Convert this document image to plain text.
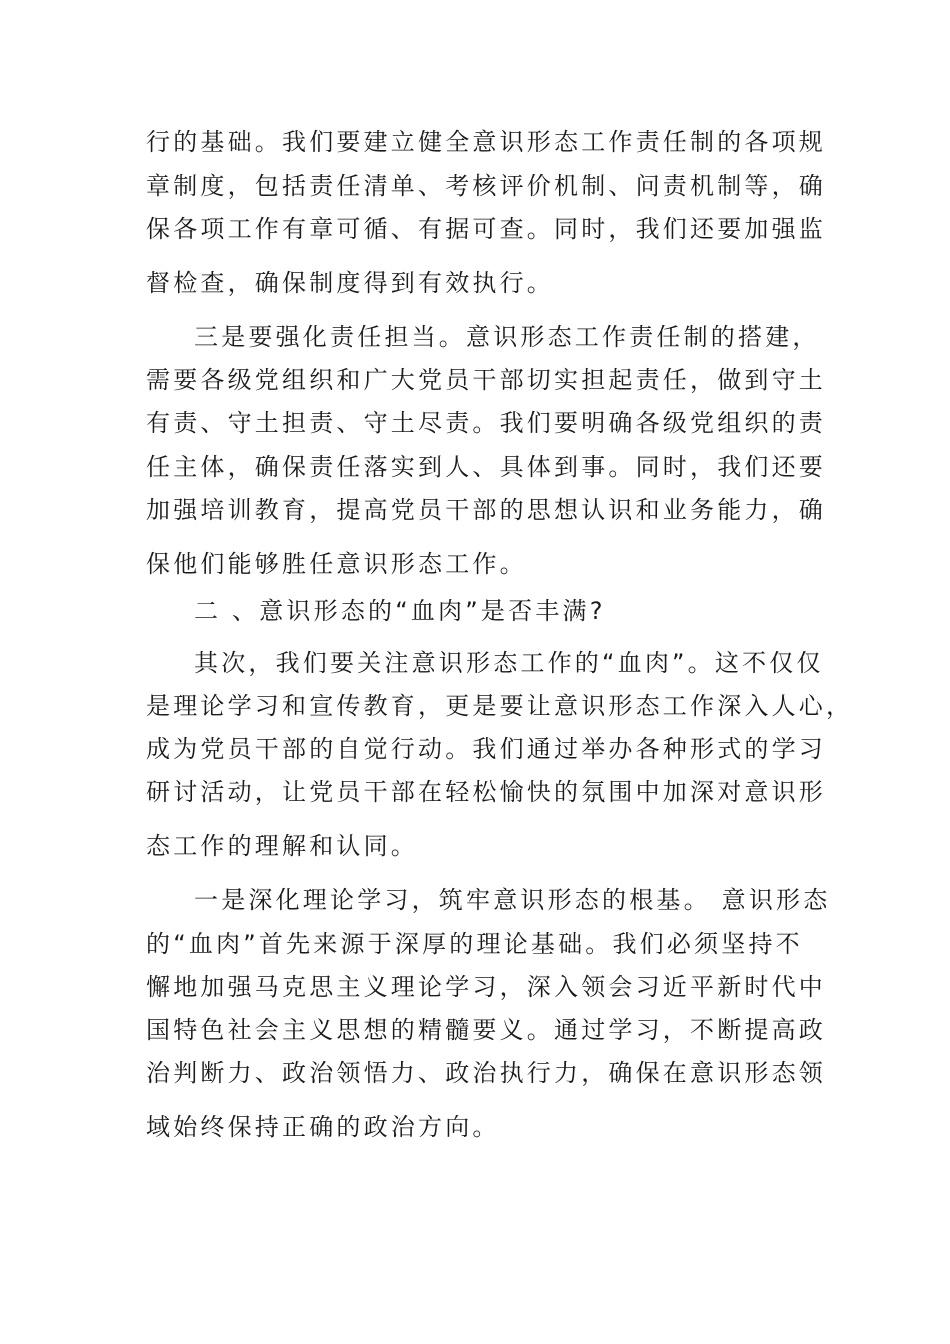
行的基础。我们要建立健全意识形态工作责任制的各项规
章制度，包括责任清单、考核评价机制、问责机制等，确
保各项工作有章可循、有据可查。同时，我们还要加强监
督检查，确保制度得到有效执行。
三是要强化责任担当。意识形态工作责任制的搭建，
需要各级党组织和广大党员干部切实担起责任，做到守土
有责、守土担责、守土尽责。我们要明确各级党组织的责
任主体，确保责任落实到人、具体到事。同时，我们还要
加强培训教育，提高党员干部的思想认识和业务能力，确
保他们能够胜任意识形态工作。
二 、意识形态的“血肉”是否丰满?
其次，我们要关注意识形态工作的“血肉”。这不仅仅
是理论学习和宣传教育，更是要让意识形态工作深入人心，
成为党员干部的自觉行动。我们通过举办各种形式的学习
研讨活动，让党员干部在轻松愉快的氛围中加深对意识形
态工作的理解和认同。
一是深化理论学习，筑牢意识形态的根基。 意识形态
的“血肉”首先来源于深厚的理论基础。我们必须坚持不
懈地加强马克思主义理论学习，深入领会习近平新时代中
国特色社会主义思想的精髓要义。通过学习，不断提高政
治判断力、政治领悟力、政治执行力，确保在意识形态领
域始终保持正确的政治方向。
